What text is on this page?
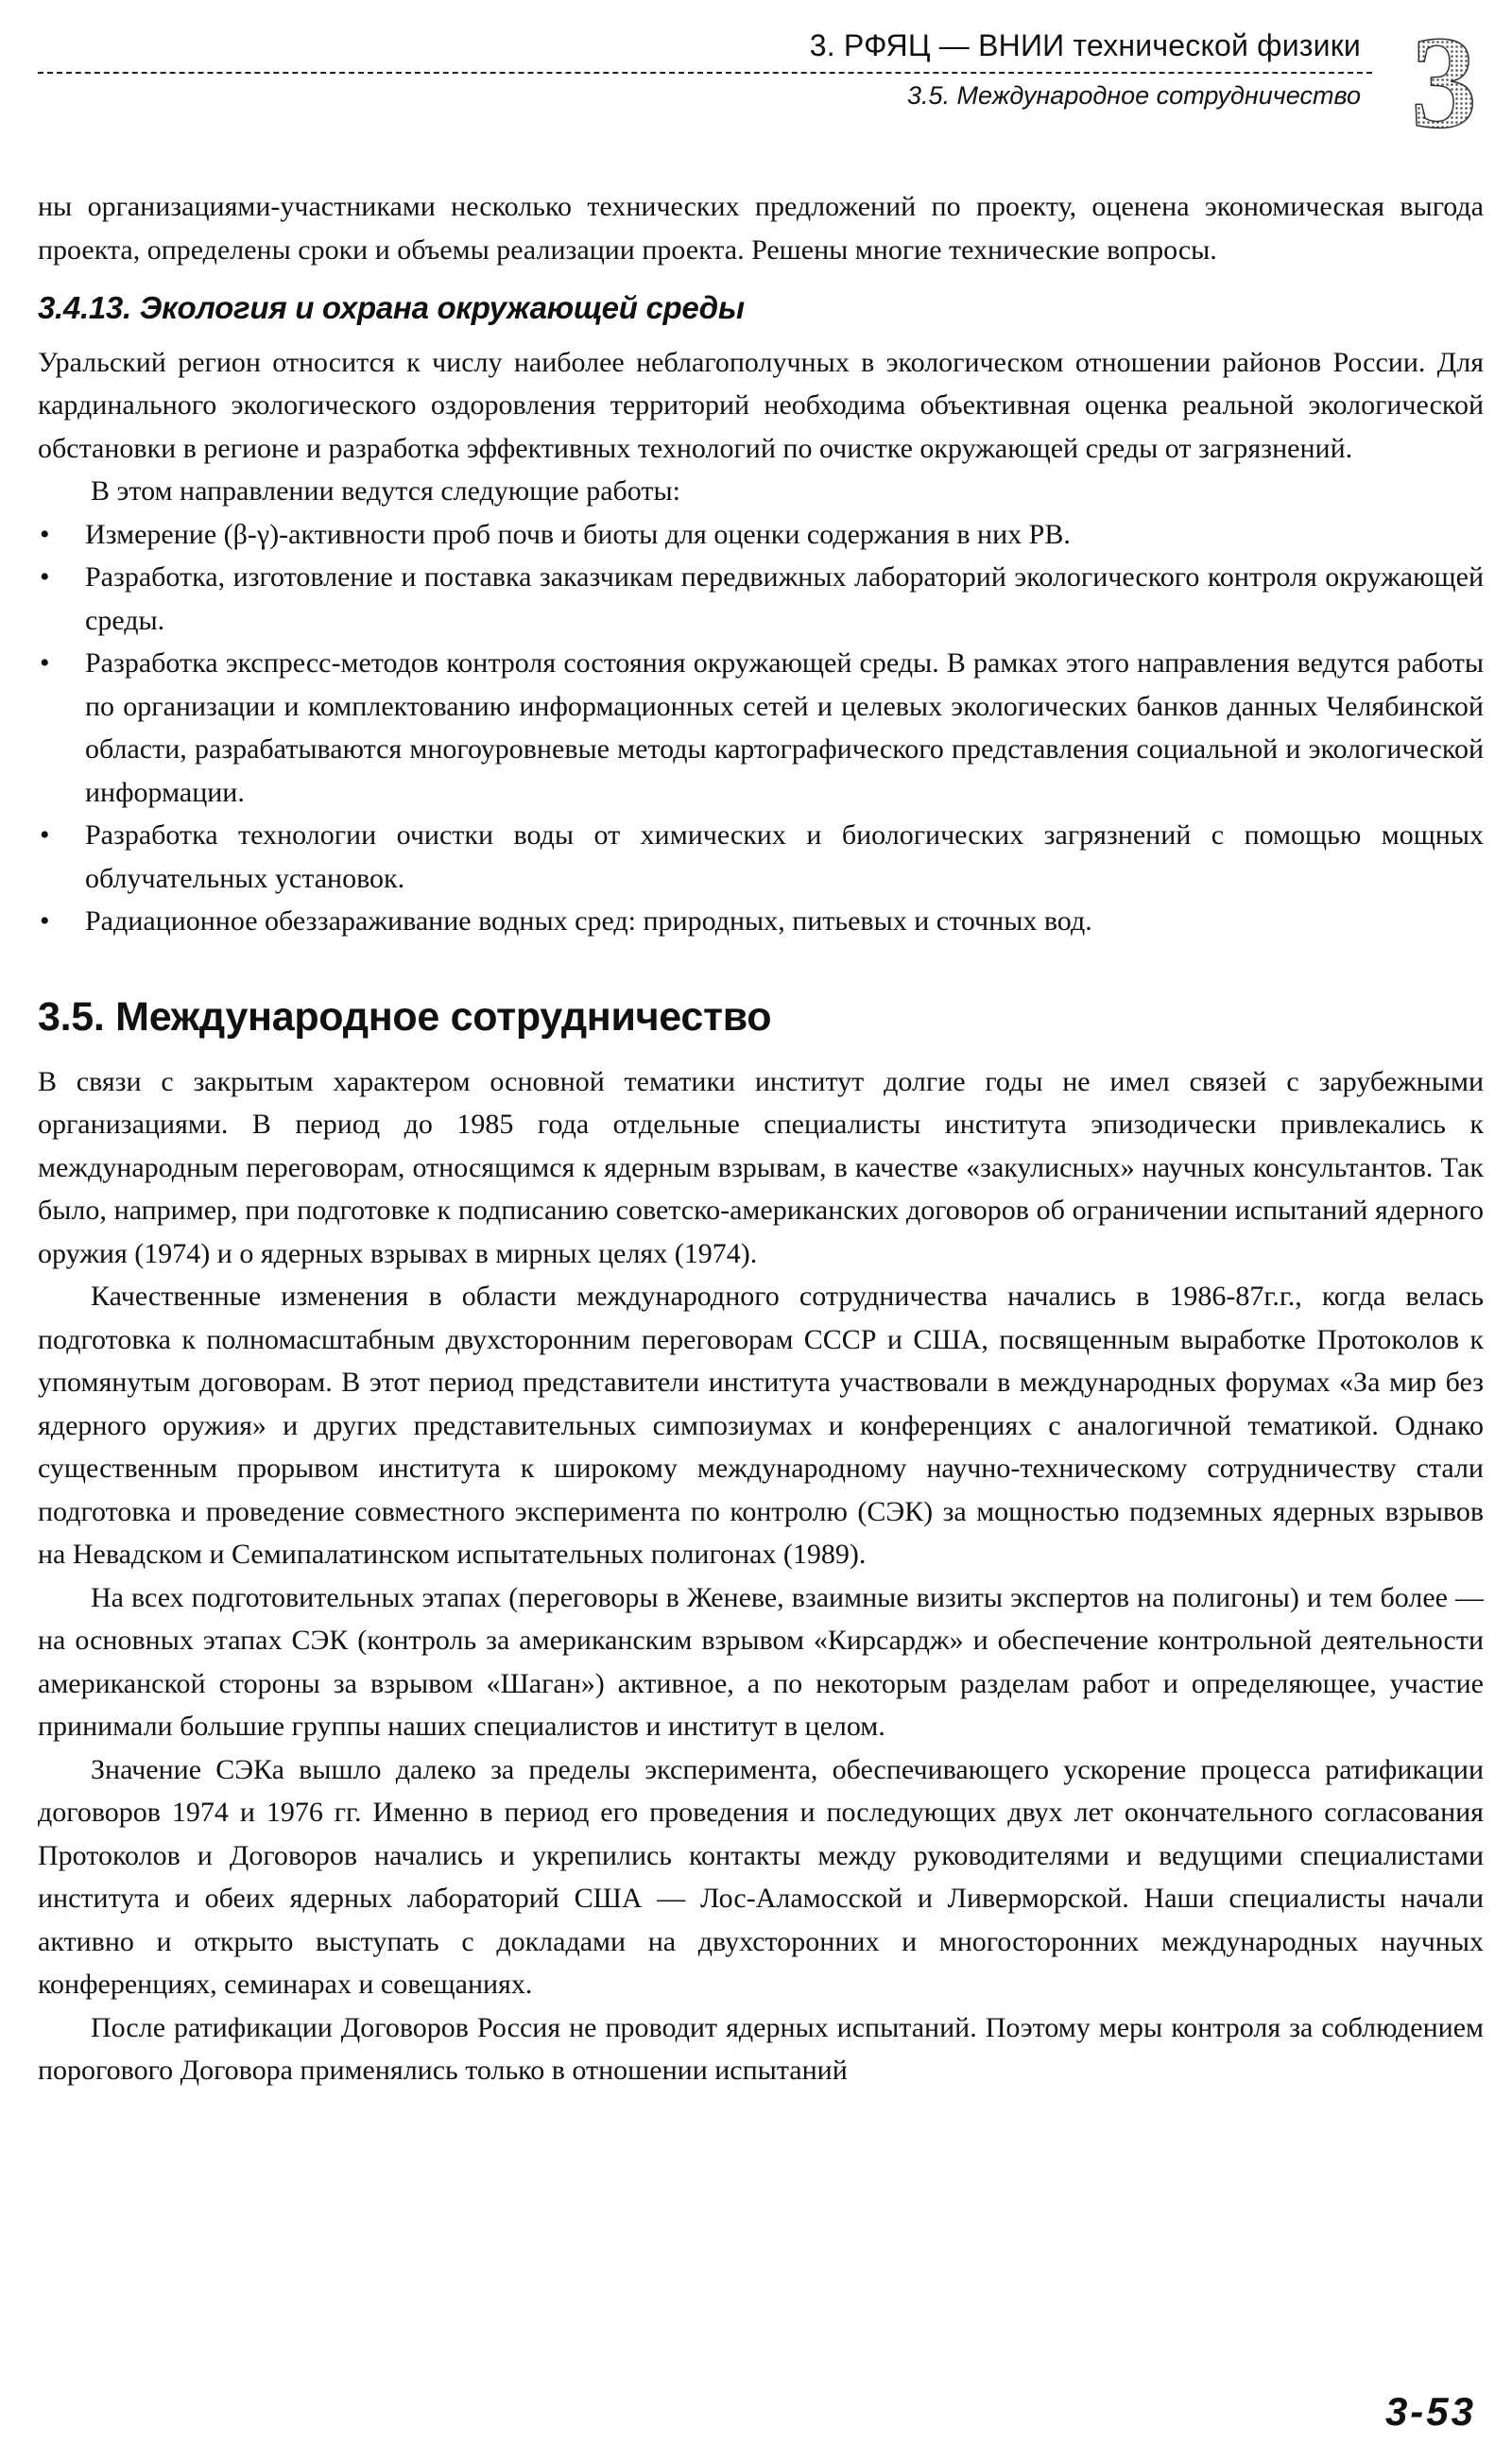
3. РФЯЦ — ВНИИ технической физики
3.5. Международное сотрудничество 3

ны организациями-участниками несколько технических предложений по проекту, оценена экономическая выгода проекта, определены сроки и объемы реализации проекта. Решены многие технические вопросы.

3.4.13. Экология и охрана окружающей среды

Уральский регион относится к числу наиболее неблагополучных в экологическом отношении районов России. Для кардинального экологического оздоровления территорий необходима объективная оценка реальной экологической обстановки в регионе и разработка эффективных технологий по очистке окружающей среды от загрязнений.

В этом направлении ведутся следующие работы:

• Измерение (β-γ)-активности проб почв и биоты для оценки содержания в них РВ.
• Разработка, изготовление и поставка заказчикам передвижных лабораторий экологического контроля окружающей среды.
• Разработка экспресс-методов контроля состояния окружающей среды. В рамках этого направления ведутся работы по организации и комплектованию информационных сетей и целевых экологических банков данных Челябинской области, разрабатываются многоуровневые методы картографического представления социальной и экологической информации.
• Разработка технологии очистки воды от химических и биологических загрязнений с помощью мощных облучательных установок.
• Радиационное обеззараживание водных сред: природных, питьевых и сточных вод.
3.5. Международное сотрудничество

В связи с закрытым характером основной тематики институт долгие годы не имел связей с зарубежными организациями. В период до 1985 года отдельные специалисты института эпизодически привлекались к международным переговорам, относящимся к ядерным взрывам, в качестве «закулисных» научных консультантов. Так было, например, при подготовке к подписанию советско-американских договоров об ограничении испытаний ядерного оружия (1974) и о ядерных взрывах в мирных целях (1974).

Качественные изменения в области международного сотрудничества начались в 1986-87г.г., когда велась подготовка к полномасштабным двухсторонним переговорам СССР и США, посвященным выработке Протоколов к упомянутым договорам. В этот период представители института участвовали в международных форумах «За мир без ядерного оружия» и других представительных симпозиумах и конференциях с аналогичной тематикой. Однако существенным прорывом института к широкому международному научно-техническому сотрудничеству стали подготовка и проведение совместного эксперимента по контролю (СЭК) за мощностью подземных ядерных взрывов на Невадском и Семипалатинском испытательных полигонах (1989).

На всех подготовительных этапах (переговоры в Женеве, взаимные визиты экспертов на полигоны) и тем более — на основных этапах СЭК (контроль за американским взрывом «Кирсардж» и обеспечение контрольной деятельности американской стороны за взрывом «Шаган») активное, а по некоторым разделам работ и определяющее, участие принимали большие группы наших специалистов и институт в целом.

Значение СЭКа вышло далеко за пределы эксперимента, обеспечивающего ускорение процесса ратификации договоров 1974 и 1976 гг. Именно в период его проведения и последующих двух лет окончательного согласования Протоколов и Договоров начались и укрепились контакты между руководителями и ведущими специалистами института и обеих ядерных лабораторий США — Лос-Аламосской и Ливерморской. Наши специалисты начали активно и открыто выступать с докладами на двухсторонних и многосторонних международных научных конференциях, семинарах и совещаниях.

После ратификации Договоров Россия не проводит ядерных испытаний. Поэтому меры контроля за соблюдением порогового Договора применялись только в отношении испытаний

3-53
